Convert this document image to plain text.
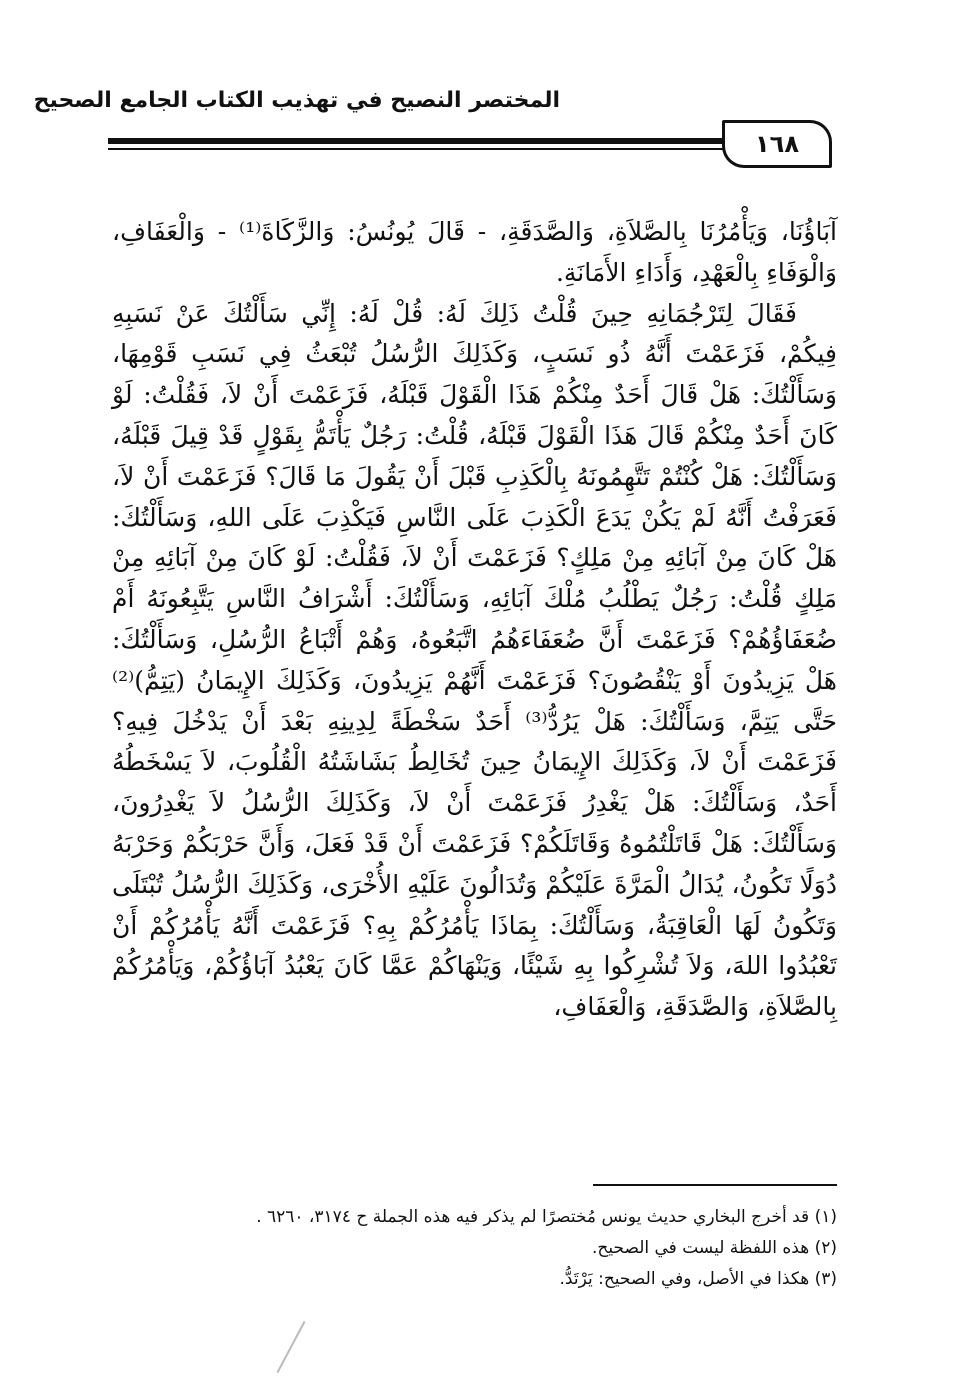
المختصر النصيح في تهذيب الكتاب الجامع الصحيح
١٦٨

آبَاؤُنَا، وَيَأْمُرُنَا بِالصَّلاَةِ، وَالصَّدَقَةِ، - قَالَ يُونُسُ: وَالزَّكَاةَ⁽¹⁾ - وَالْعَفَافِ، وَالْوَفَاءِ بِالْعَهْدِ، وَأَدَاءِ الأَمَانَةِ.

فَقَالَ لِتَرْجُمَانِهِ حِينَ قُلْتُ ذَلِكَ لَهُ: قُلْ لَهُ: إِنِّي سَأَلْتُكَ عَنْ نَسَبِهِ فِيكُمْ، فَزَعَمْتَ أَنَّهُ ذُو نَسَبٍ، وَكَذَلِكَ الرُّسُلُ تُبْعَثُ فِي نَسَبِ قَوْمِهَا، وَسَأَلْتُكَ: هَلْ قَالَ أَحَدٌ مِنْكُمْ هَذَا الْقَوْلَ قَبْلَهُ، فَزَعَمْتَ أَنْ لاَ، فَقُلْتُ: لَوْ كَانَ أَحَدٌ مِنْكُمْ قَالَ هَذَا الْقَوْلَ قَبْلَهُ، قُلْتُ: رَجُلٌ يَأْتَمُّ بِقَوْلٍ قَدْ قِيلَ قَبْلَهُ، وَسَأَلْتُكَ: هَلْ كُنْتُمْ تَتَّهِمُونَهُ بِالْكَذِبِ قَبْلَ أَنْ يَقُولَ مَا قَالَ؟ فَزَعَمْتَ أَنْ لاَ، فَعَرَفْتُ أَنَّهُ لَمْ يَكُنْ يَدَعَ الْكَذِبَ عَلَى النَّاسِ فَيَكْذِبَ عَلَى اللهِ، وَسَأَلْتُكَ: هَلْ كَانَ مِنْ آبَائِهِ مِنْ مَلِكٍ؟ فَزَعَمْتَ أَنْ لاَ، فَقُلْتُ: لَوْ كَانَ مِنْ آبَائِهِ مِنْ مَلِكٍ قُلْتُ: رَجُلٌ يَطْلُبُ مُلْكَ آبَائِهِ، وَسَأَلْتُكَ: أَشْرَافُ النَّاسِ يَتَّبِعُونَهُ أَمْ ضُعَفَاؤُهُمْ؟ فَزَعَمْتَ أَنَّ ضُعَفَاءَهُمُ اتَّبَعُوهُ، وَهُمْ أَتْبَاعُ الرُّسُلِ، وَسَأَلْتُكَ: هَلْ يَزِيدُونَ أَوْ يَنْقُصُونَ؟ فَزَعَمْتَ أَنَّهُمْ يَزِيدُونَ، وَكَذَلِكَ الإِيمَانُ (يَتِمُّ)⁽²⁾ حَتَّى يَتِمَّ، وَسَأَلْتُكَ: هَلْ يَرُدُّ⁽³⁾ أَحَدٌ سَخْطَةً لِدِينِهِ بَعْدَ أَنْ يَدْخُلَ فِيهِ؟ فَزَعَمْتَ أَنْ لاَ، وَكَذَلِكَ الإِيمَانُ حِينَ تُخَالِطُ بَشَاشَتُهُ الْقُلُوبَ، لاَ يَسْخَطُهُ أَحَدٌ، وَسَأَلْتُكَ: هَلْ يَغْدِرُ فَزَعَمْتَ أَنْ لاَ، وَكَذَلِكَ الرُّسُلُ لاَ يَغْدِرُونَ، وَسَأَلْتُكَ: هَلْ قَاتَلْتُمُوهُ وَقَاتَلَكُمْ؟ فَزَعَمْتَ أَنْ قَدْ فَعَلَ، وَأَنَّ حَرْبَكُمْ وَحَرْبَهُ دُوَلًا تَكُونُ، يُدَالُ الْمَرَّةَ عَلَيْكُمْ وَتُدَالُونَ عَلَيْهِ الأُخْرَى، وَكَذَلِكَ الرُّسُلُ تُبْتَلَى وَتَكُونُ لَهَا الْعَاقِبَةُ، وَسَأَلْتُكَ: بِمَاذَا يَأْمُرُكُمْ بِهِ؟ فَزَعَمْتَ أَنَّهُ يَأْمُرُكُمْ أَنْ تَعْبُدُوا اللهَ، وَلاَ تُشْرِكُوا بِهِ شَيْئًا، وَيَنْهَاكُمْ عَمَّا كَانَ يَعْبُدُ آبَاؤُكُمْ، وَيَأْمُرُكُمْ بِالصَّلاَةِ، وَالصَّدَقَةِ، وَالْعَفَافِ،

(١) قد أخرج البخاري حديث يونس مُختصرًا لم يذكر فيه هذه الجملة ح ٣١٧٤، ٦٢٦٠ .
(٢) هذه اللفظة ليست في الصحيح.
(٣) هكذا في الأصل، وفي الصحيح: يَرْتَدُّ.
